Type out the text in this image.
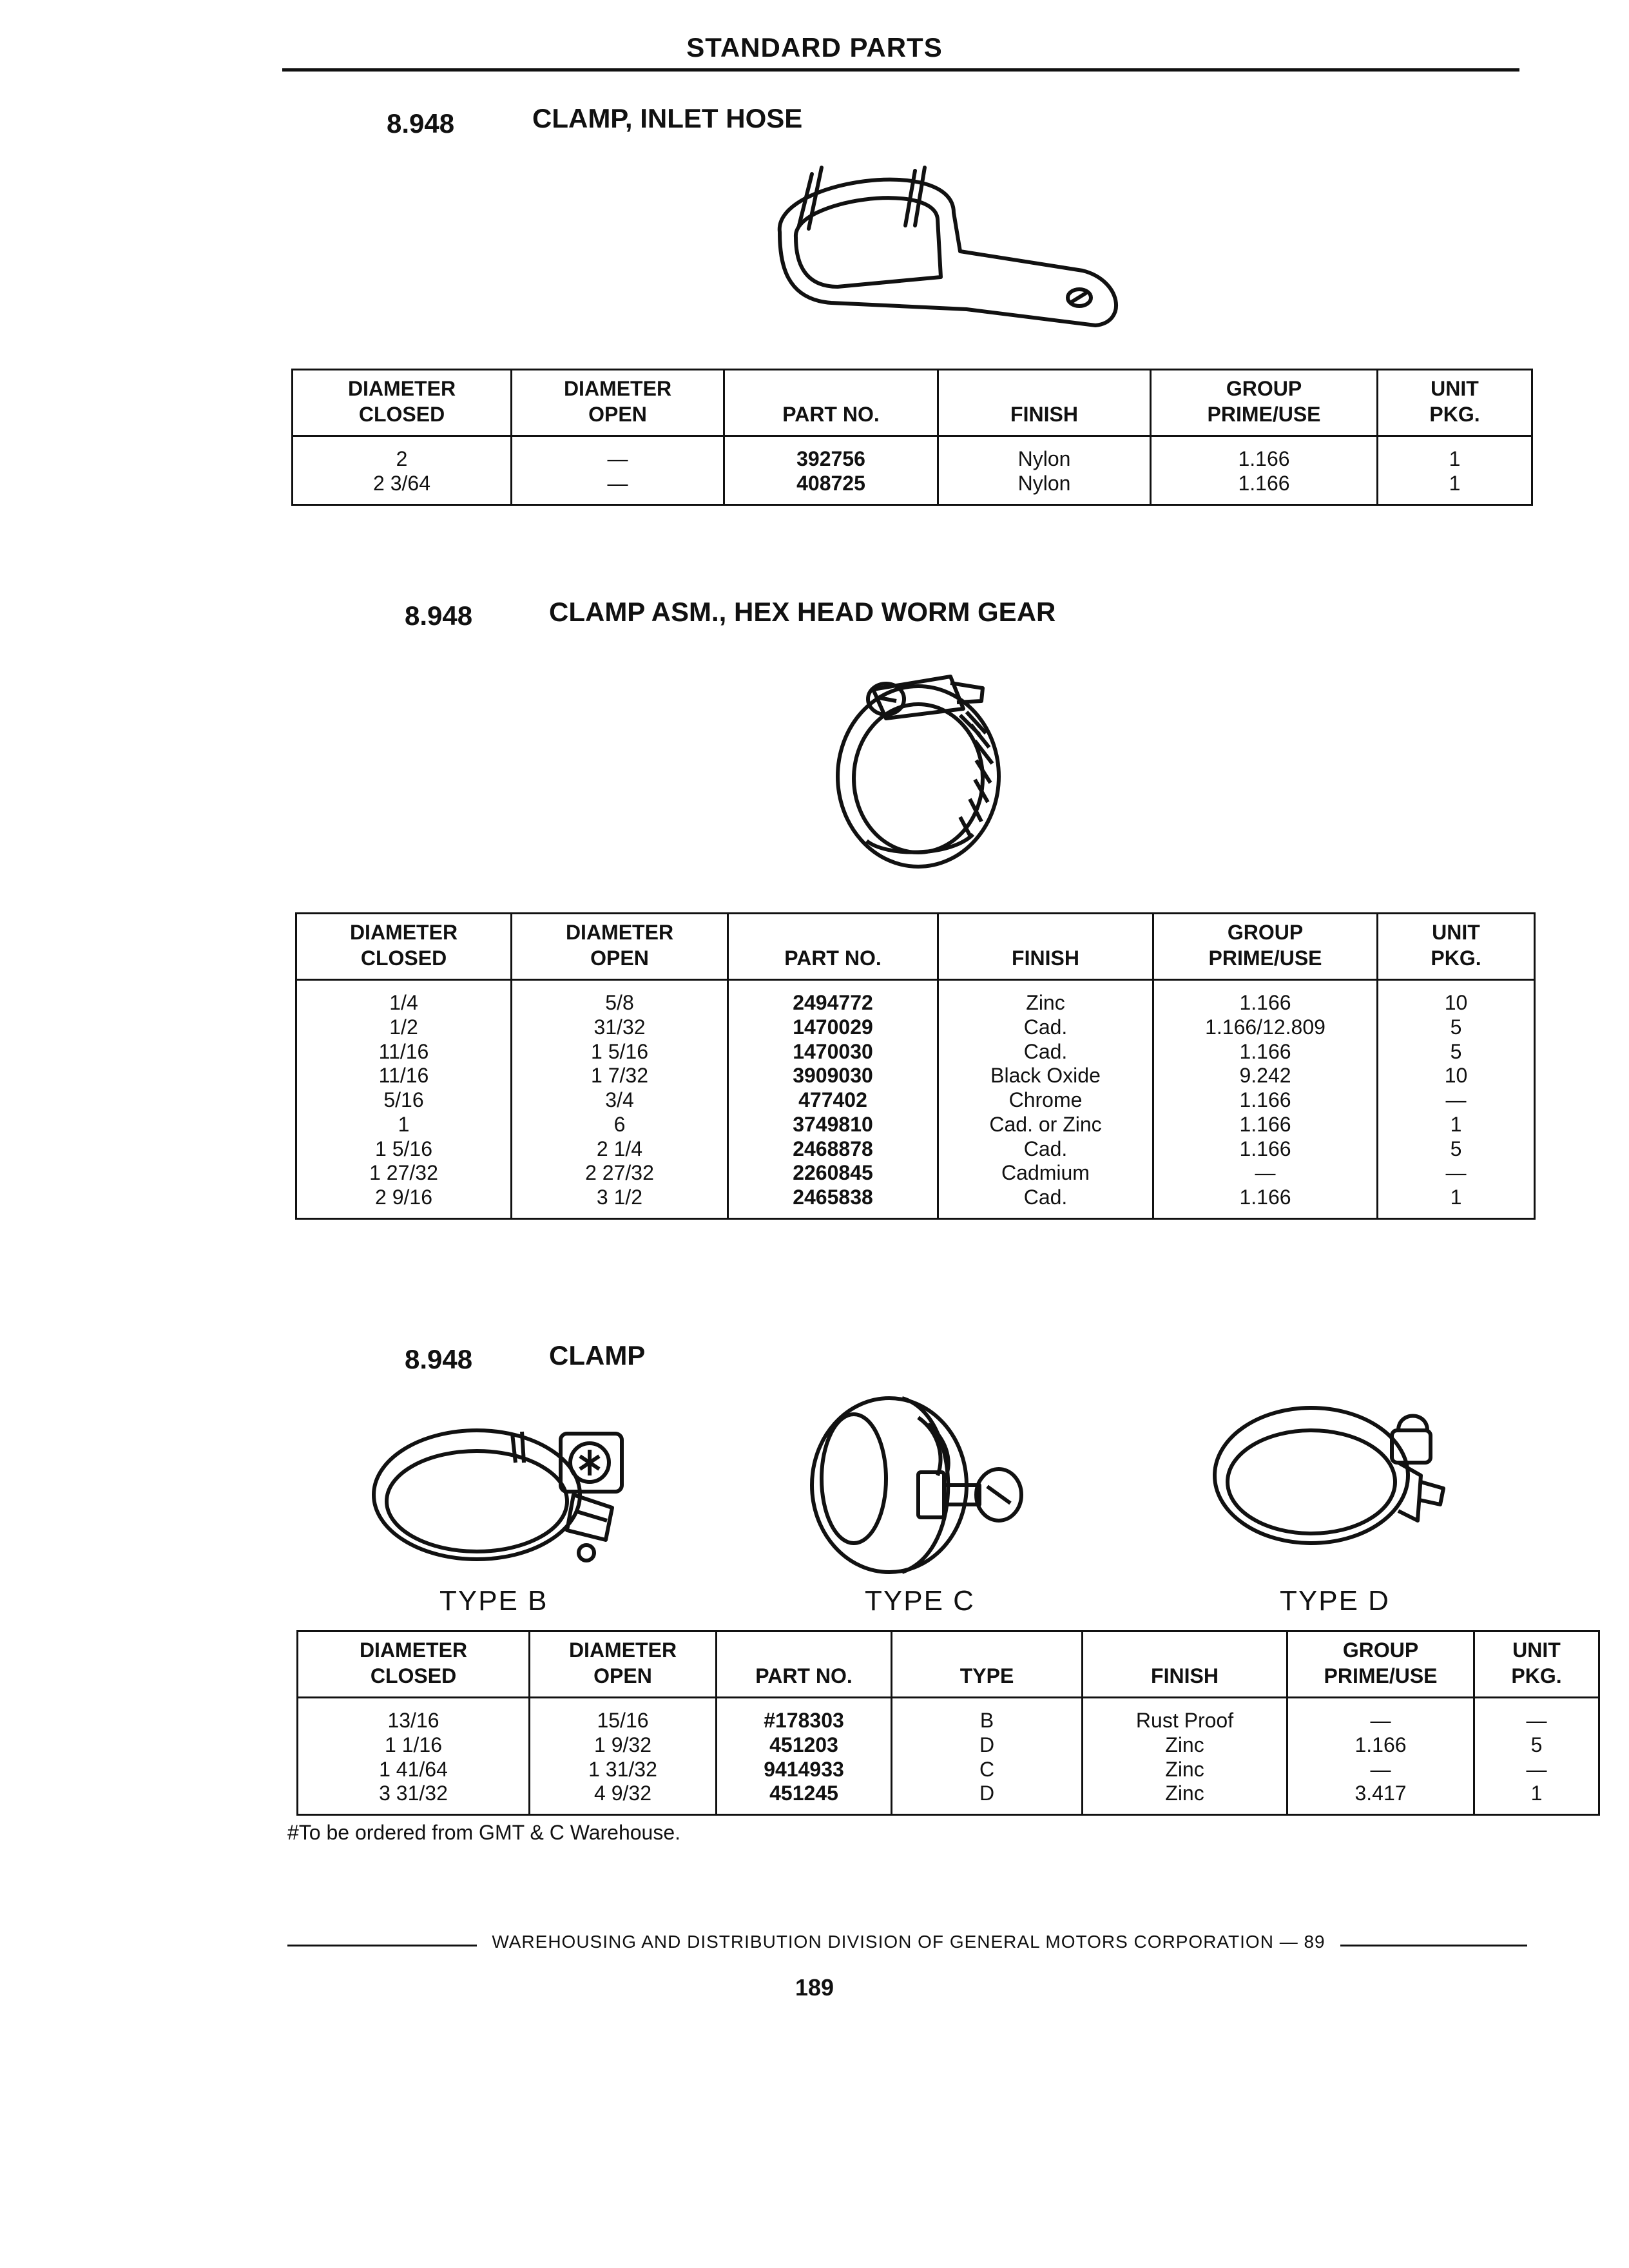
STANDARD PARTS
8.948	CLAMP, INLET HOSE
DIAMETER
CLOSED	DIAMETER
OPEN	PART NO.	FINISH	GROUP
PRIME/USE	UNIT
PKG.
2	—	392756	Nylon	1.166	1
2 3/64	—	408725	Nylon	1.166	1
8.948	CLAMP ASM., HEX HEAD WORM GEAR
DIAMETER
CLOSED	DIAMETER
OPEN	PART NO.	FINISH	GROUP
PRIME/USE	UNIT
PKG.
1/4	5/8	2494772	Zinc	1.166	10
1/2	31/32	1470029	Cad.	1.166/12.809	5
11/16	1 5/16	1470030	Cad.	1.166	5
11/16	1 7/32	3909030	Black Oxide	9.242	10
5/16	3/4	477402	Chrome	1.166	—
1	6	3749810	Cad. or Zinc	1.166	1
1 5/16	2 1/4	2468878	Cad.	1.166	5
1 27/32	2 27/32	2260845	Cadmium	—	—
2 9/16	3 1/2	2465838	Cad.	1.166	1
8.948	CLAMP
TYPE B	TYPE C	TYPE D
DIAMETER
CLOSED	DIAMETER
OPEN	PART NO.	TYPE	FINISH	GROUP
PRIME/USE	UNIT
PKG.
13/16	15/16	#178303	B	Rust Proof	—	—
1 1/16	1 9/32	451203	D	Zinc	1.166	5
1 41/64	1 31/32	9414933	C	Zinc	—	—
3 31/32	4 9/32	451245	D	Zinc	3.417	1
#To be ordered from GMT & C Warehouse.
WAREHOUSING AND DISTRIBUTION DIVISION OF GENERAL MOTORS CORPORATION — 89
189
